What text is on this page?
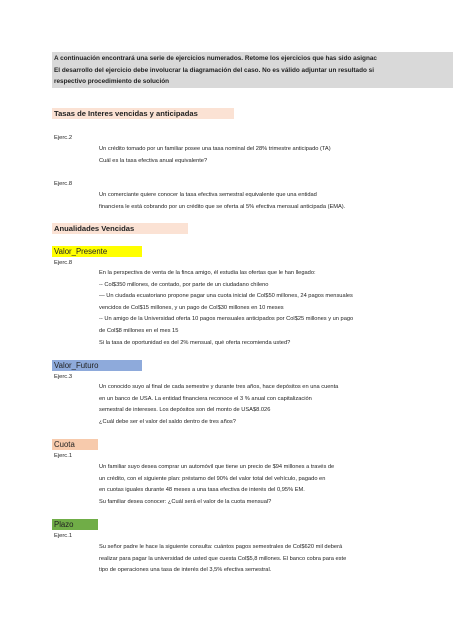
A continuación encontrará una serie de ejercicios numerados. Retome los ejercicios que has sido asignac
El desarrollo del ejercicio debe involucrar la diagramación del caso. No es válido adjuntar un resultado si
respectivo procedimiento de solución
Tasas de Interes vencidas y anticipadas
Ejerc.2
Un crédito tomado por un familiar posee una tasa nominal del 28% trimestre anticipado (TA)
Cuál es la tasa efectiva anual equivalente?
Ejerc.8
Un comerciante quiere conocer la tasa efectiva semestral equivalente que una entidad
financiera le está cobrando por un crédito que se oferta al 5% efectiva mensual anticipada (EMA).
Anualidades Vencidas
Valor_Presente
Ejerc.8
En la perspectiva de venta de la finca amigo, él estudia las ofertas que le han llegado:
-- Col$350 millones, de contado, por parte de un ciudadano chileno
— Un ciudada ecuatoriano propone pagar una cuota inicial de Col$50 millones, 24 pagos mensuales
vencidos de Col$15 millones, y un pago de Col$30 millones en 10 meses
-- Un amigo de la Universidad oferta 10 pagos mensuales anticipados por Col$25 millones y un pago
de Col$8 millones en el mes 15
Si la tasa de oportunidad es del 2% mensual, qué oferta recomienda usted?
Valor_Futuro
Ejerc.3
Un conocido suyo al final de cada semestre y durante tres años, hace depósitos en una cuenta
en un banco de USA. La entidad financiera reconoce el 3 % anual con capitalización
semestral de intereses. Los depósitos son del monto de USA$8.026
¿Cuál debe ser el valor del saldo dentro de tres años?
Cuota
Ejerc.1
Un familiar suyo desea comprar un automóvil que tiene un precio de $94 millones a través de
un crédito, con el siguiente plan: préstamo del 90% del valor total del vehículo, pagado en
en cuotas iguales durante 48 meses a una tasa efectiva de interés del 0,95% EM.
Su familiar desea conocer: ¿Cuál será el valor de la cuota mensual?
Plazo
Ejerc.1
Su señor padre le hace la siguiente consulta: cuántos pagos semestrales de Col$620 mil deberá
realizar para pagar la universidad de usted que cuesta Col$5,8 millones. El banco cobra para este
tipo de operaciones una tasa de interés del 3,5% efectiva semestral.
